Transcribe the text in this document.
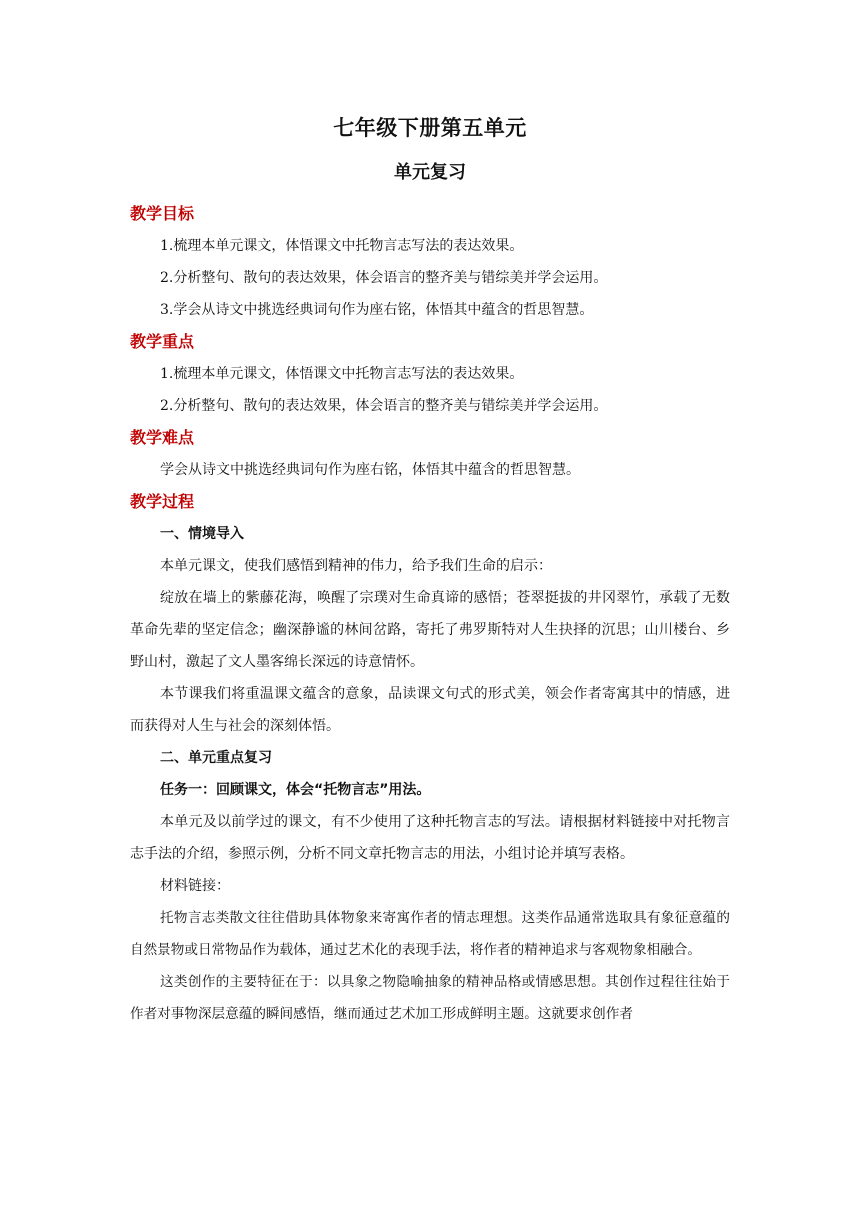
七年级下册第五单元
单元复习
教学目标

1.梳理本单元课文，体悟课文中托物言志写法的表达效果。

2.分析整句、散句的表达效果，体会语言的整齐美与错综美并学会运用。

3.学会从诗文中挑选经典词句作为座右铭，体悟其中蕴含的哲思智慧。

教学重点

1.梳理本单元课文，体悟课文中托物言志写法的表达效果。

2.分析整句、散句的表达效果，体会语言的整齐美与错综美并学会运用。

教学难点

学会从诗文中挑选经典词句作为座右铭，体悟其中蕴含的哲思智慧。

教学过程

一、情境导入

本单元课文，使我们感悟到精神的伟力，给予我们生命的启示：

绽放在墙上的紫藤花海，唤醒了宗璞对生命真谛的感悟；苍翠挺拔的井冈翠竹，承载了无数革命先辈的坚定信念；幽深静谧的林间岔路，寄托了弗罗斯特对人生抉择的沉思；山川楼台、乡野山村，激起了文人墨客绵长深远的诗意情怀。

本节课我们将重温课文蕴含的意象，品读课文句式的形式美，领会作者寄寓其中的情感，进而获得对人生与社会的深刻体悟。

二、单元重点复习

任务一：回顾课文，体会“托物言志”用法。

本单元及以前学过的课文，有不少使用了这种托物言志的写法。请根据材料链接中对托物言志手法的介绍，参照示例，分析不同文章托物言志的用法，小组讨论并填写表格。

材料链接：

托物言志类散文往往借助具体物象来寄寓作者的情志理想。这类作品通常选取具有象征意蕴的自然景物或日常物品作为载体，通过艺术化的表现手法，将作者的精神追求与客观物象相融合。

这类创作的主要特征在于：以具象之物隐喻抽象的精神品格或情感思想。其创作过程往往始于作者对事物深层意蕴的瞬间感悟，继而通过艺术加工形成鲜明主题。这就要求创作者
